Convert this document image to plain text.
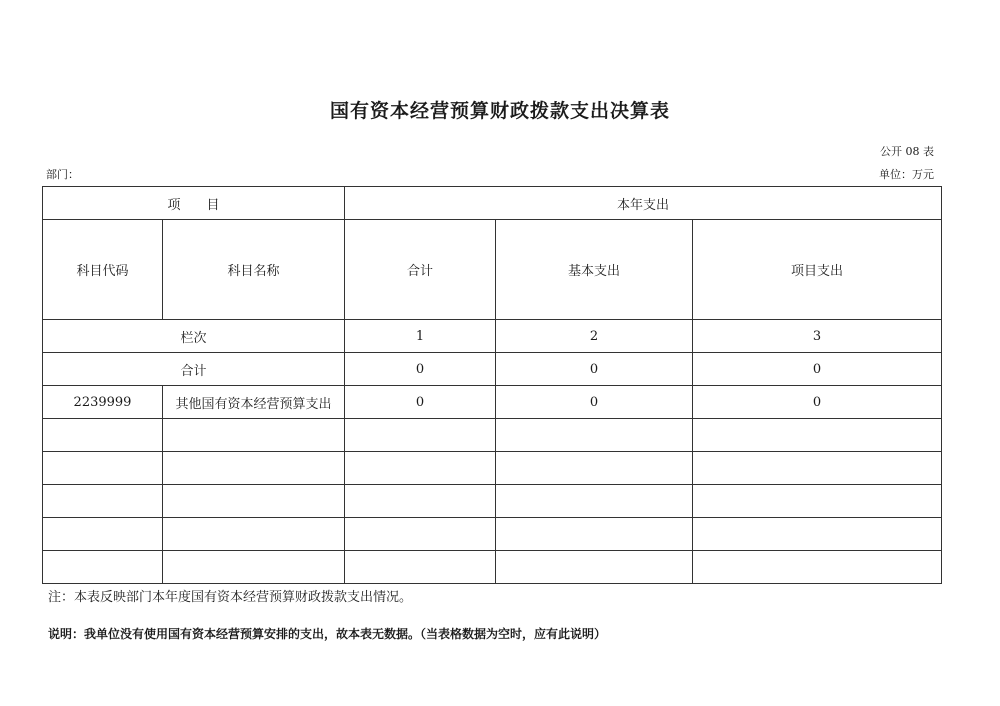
国有资本经营预算财政拨款支出决算表
公开 08 表
部门：	单位：万元
项　　目		本年支出		
科目代码	科目名称	合计	基本支出	项目支出
栏次		1	2	3
合计		0	0	0
2239999	其他国有资本经营预算支出	0	0	0

注：本表反映部门本年度国有资本经营预算财政拨款支出情况。
说明：我单位没有使用国有资本经营预算安排的支出，故本表无数据。（当表格数据为空时，应有此说明）
